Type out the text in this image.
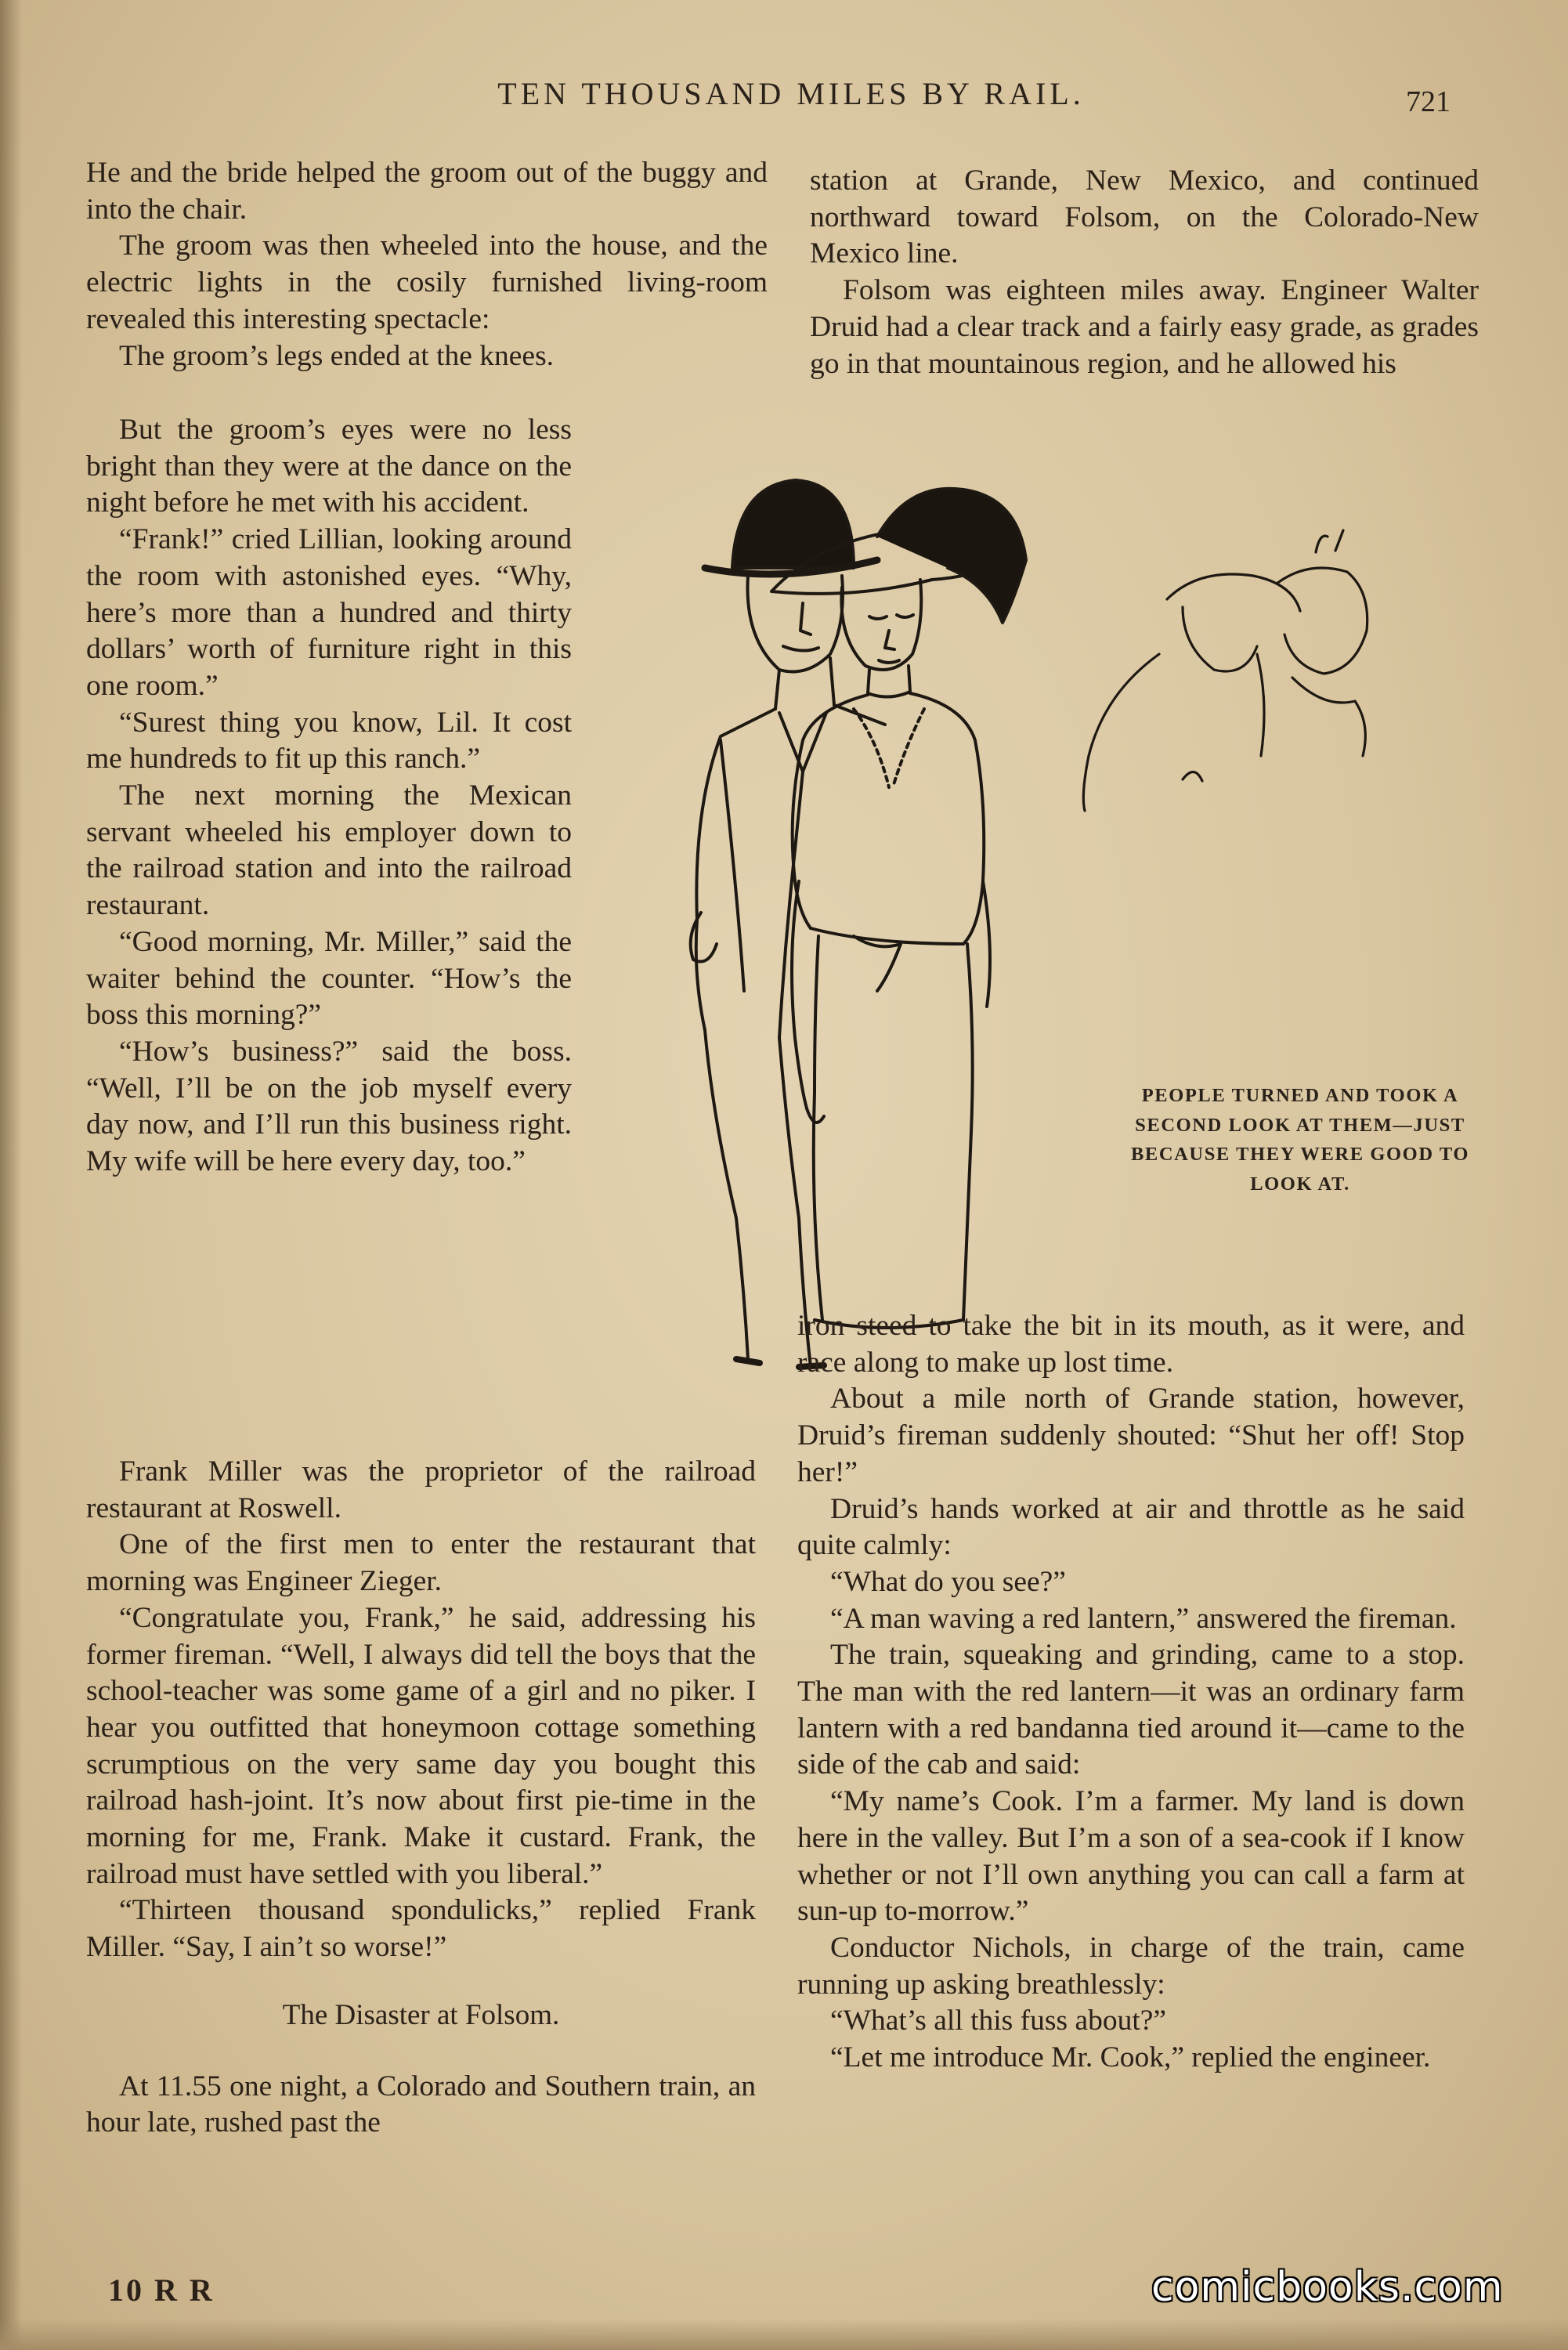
TEN THOUSAND MILES BY RAIL.	721

He and the bride helped the groom out of the buggy and into the chair.

The groom was then wheeled into the house, and the electric lights in the cosily furnished living-room revealed this interesting spectacle:

The groom’s legs ended at the knees.

But the groom’s eyes were no less bright than they were at the dance on the night before he met with his accident.

“Frank!” cried Lillian, looking around the room with astonished eyes. “Why, here’s more than a hundred and thirty dollars’ worth of furniture right in this one room.”

“Surest thing you know, Lil. It cost me hundreds to fit up this ranch.”

The next morning the Mexican servant wheeled his employer down to the railroad station and into the railroad restaurant.

“Good morning, Mr. Miller,” said the waiter behind the counter. “How’s the boss this morning?”

“How’s business?” said the boss. “Well, I’ll be on the job myself every day now, and I’ll run this business right. My wife will be here every day, too.”

Frank Miller was the proprietor of the railroad restaurant at Roswell.

One of the first men to enter the restaurant that morning was Engineer Zieger.

“Congratulate you, Frank,” he said, addressing his former fireman. “Well, I always did tell the boys that the school-teacher was some game of a girl and no piker. I hear you outfitted that honeymoon cottage something scrumptious on the very same day you bought this railroad hash-joint. It’s now about first pie-time in the morning for me, Frank. Make it custard. Frank, the railroad must have settled with you liberal.”

“Thirteen thousand spondulicks,” replied Frank Miller. “Say, I ain’t so worse!”

The Disaster at Folsom.

At 11.55 one night, a Colorado and Southern train, an hour late, rushed past the

station at Grande, New Mexico, and continued northward toward Folsom, on the Colorado-New Mexico line.

Folsom was eighteen miles away. Engineer Walter Druid had a clear track and a fairly easy grade, as grades go in that mountainous region, and he allowed his

PEOPLE TURNED AND TOOK A SECOND LOOK AT THEM—JUST BECAUSE THEY WERE GOOD TO LOOK AT.

iron steed to take the bit in its mouth, as it were, and race along to make up lost time.

About a mile north of Grande station, however, Druid’s fireman suddenly shouted: “Shut her off! Stop her!”

Druid’s hands worked at air and throttle as he said quite calmly:

“What do you see?”

“A man waving a red lantern,” answered the fireman.

The train, squeaking and grinding, came to a stop. The man with the red lantern—it was an ordinary farm lantern with a red bandanna tied around it—came to the side of the cab and said:

“My name’s Cook. I’m a farmer. My land is down here in the valley. But I’m a son of a sea-cook if I know whether or not I’ll own anything you can call a farm at sun-up to-morrow.”

Conductor Nichols, in charge of the train, came running up asking breathlessly:

“What’s all this fuss about?”

“Let me introduce Mr. Cook,” replied the engineer.

10 R R	comicbooks.com
